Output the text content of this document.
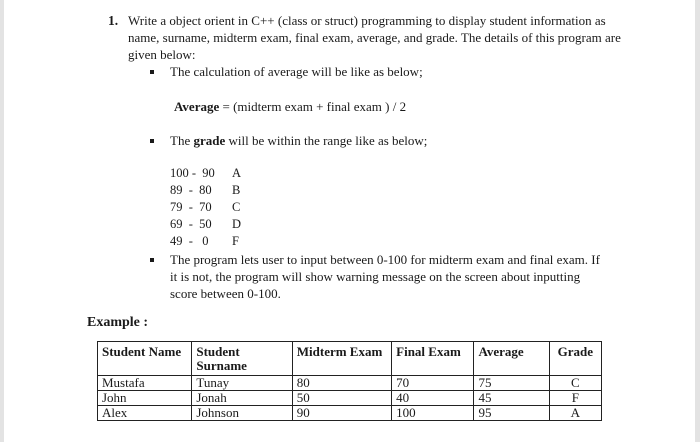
1. Write a object orient in C++ (class or struct) programming to display student information as name, surname, midterm exam, final exam, average, and grade. The details of this program are given below:
The calculation of average will be like as below;
Average = (midterm exam + final exam ) / 2
The grade will be within the range like as below;
100 -  90 A
89  -  80 B
79  -  70 C
69  -  50 D
49  -   0 F
The program lets user to input between 0-100 for midterm exam and final exam. If it is not, the program will show warning message on the screen about inputting score between 0-100.
Example :
Student Name	Student Surname	Midterm Exam	Final Exam	Average	Grade
Mustafa	Tunay	80	70	75	C
John	Jonah	50	40	45	F
Alex	Johnson	90	100	95	A
